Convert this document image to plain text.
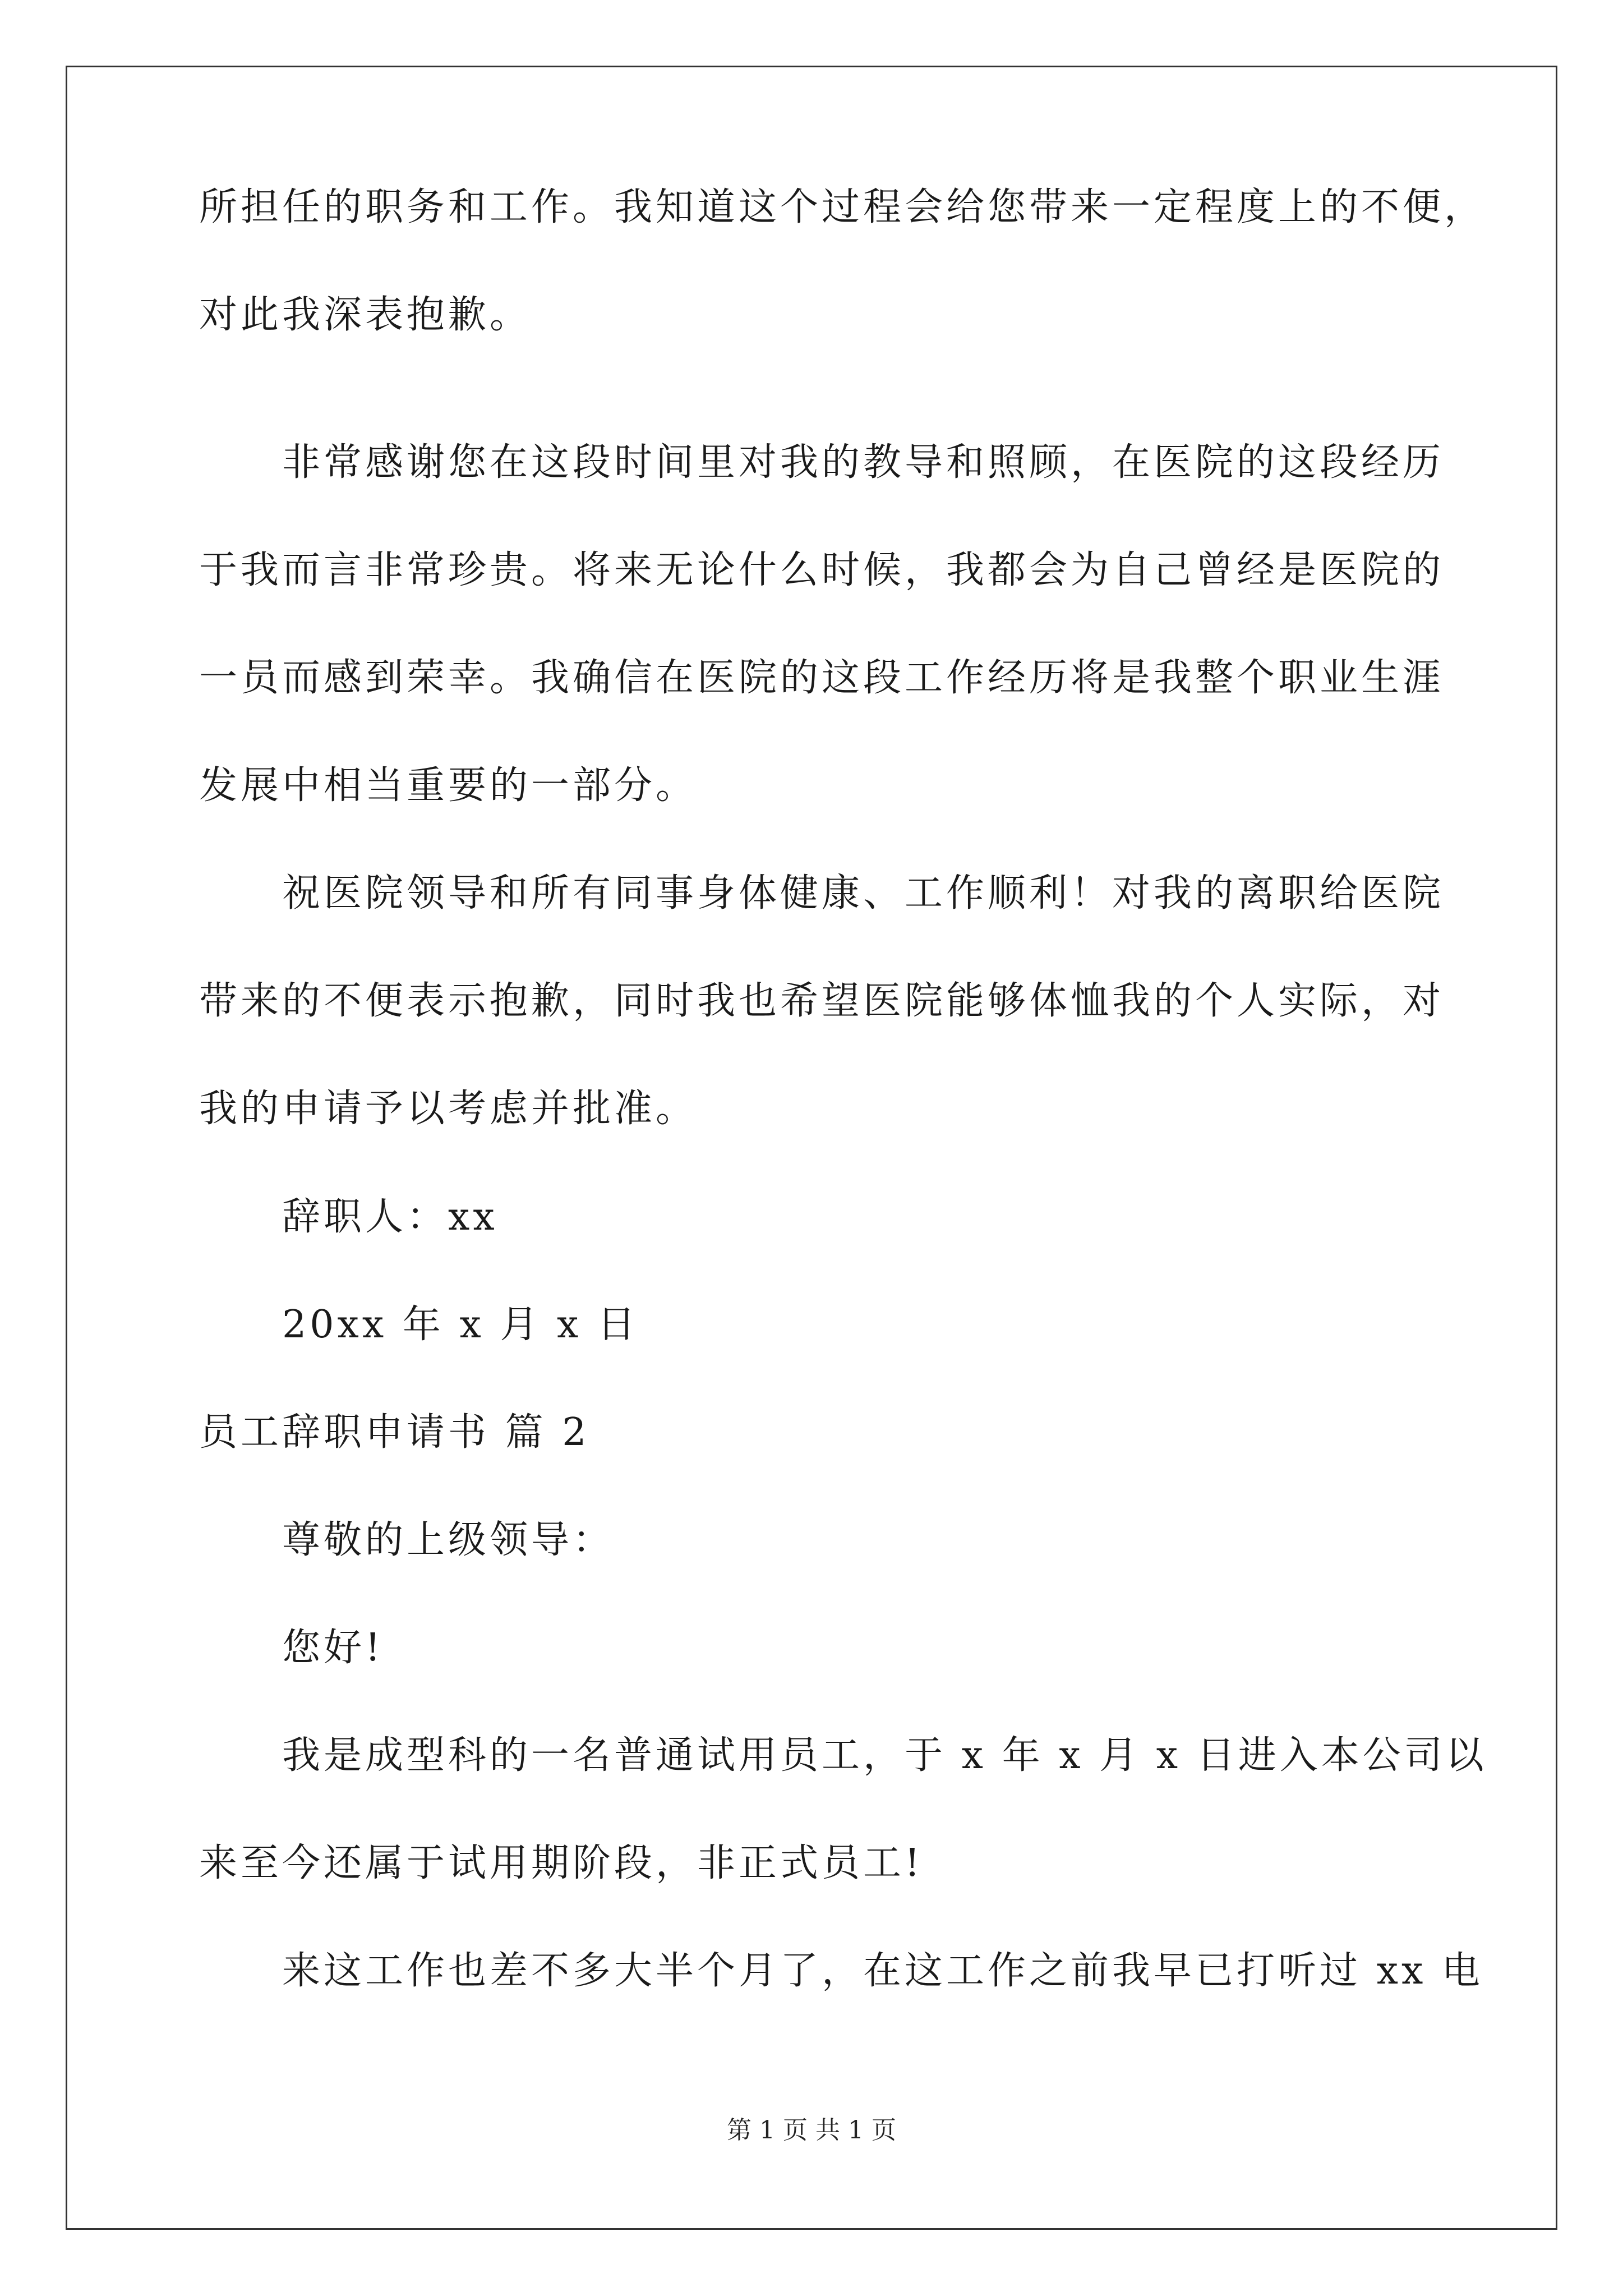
所担任的职务和工作。我知道这个过程会给您带来一定程度上的不便，
对此我深表抱歉。
非常感谢您在这段时间里对我的教导和照顾，在医院的这段经历
于我而言非常珍贵。将来无论什么时候，我都会为自己曾经是医院的
一员而感到荣幸。我确信在医院的这段工作经历将是我整个职业生涯
发展中相当重要的一部分。
祝医院领导和所有同事身体健康、工作顺利！对我的离职给医院
带来的不便表示抱歉，同时我也希望医院能够体恤我的个人实际，对
我的申请予以考虑并批准。
辞职人：xx
20xx 年 x 月 x 日
员工辞职申请书 篇 2
尊敬的上级领导：
您好!
我是成型科的一名普通试用员工，于 x 年 x 月 x 日进入本公司以
来至今还属于试用期阶段，非正式员工!
来这工作也差不多大半个月了，在这工作之前我早已打听过 xx 电
第 1 页 共 1 页
